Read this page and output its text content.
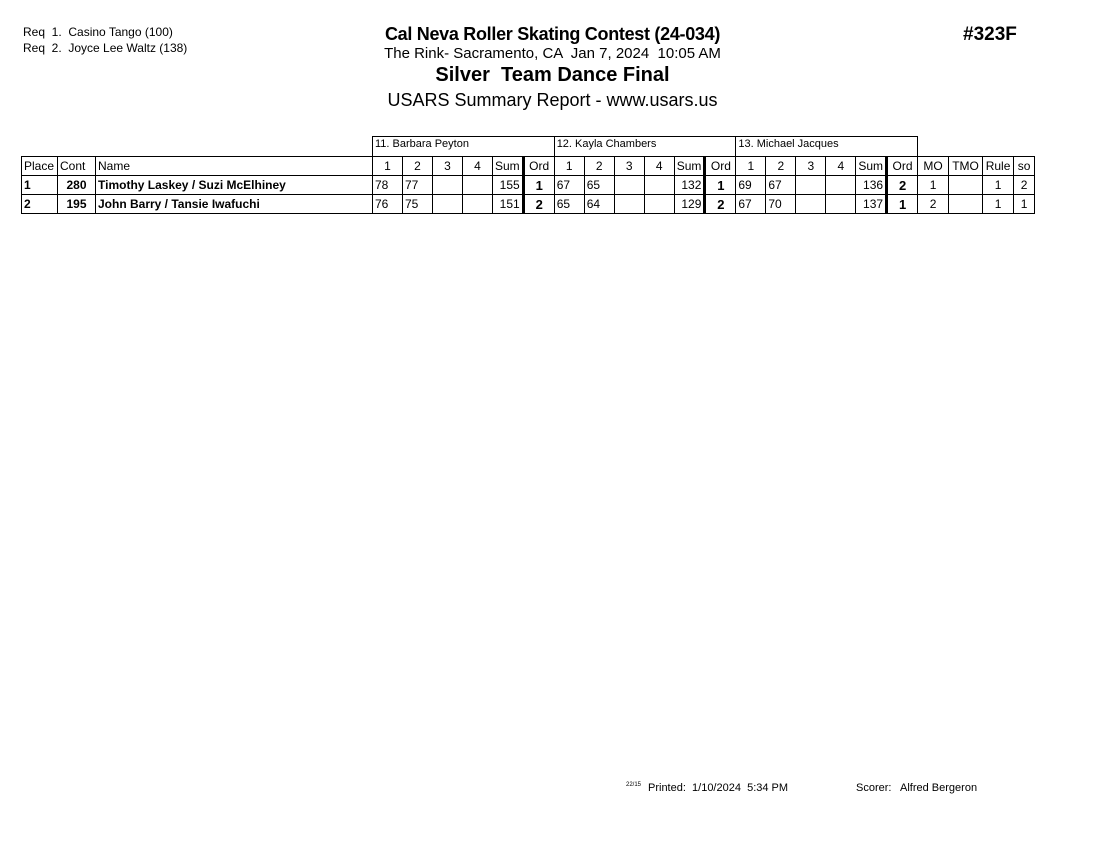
Req  1.  Casino Tango (100)
Req  2.  Joyce Lee Waltz (138)
Cal Neva Roller Skating Contest (24-034)
The Rink- Sacramento, CA  Jan 7, 2024  10:05 AM
Silver  Team Dance Final
USARS Summary Report - www.usars.us
#323F
			11. Barbara Peyton						12. Kayla Chambers						13. Michael Jacques									
Place	Cont	Name	1	2	3	4	Sum	Ord	1	2	3	4	Sum	Ord	1	2	3	4	Sum	Ord	MO	TMO	Rule	so
1	280	Timothy Laskey / Suzi McElhiney	78	77			155	1	67	65			132	1	69	67			136	2	1		1	2
2	195	John Barry / Tansie Iwafuchi	76	75			151	2	65	64			129	2	67	70			137	1	2		1	1
22/15 Printed:  1/10/2024  5:34 PM	Scorer:   Alfred Bergeron
